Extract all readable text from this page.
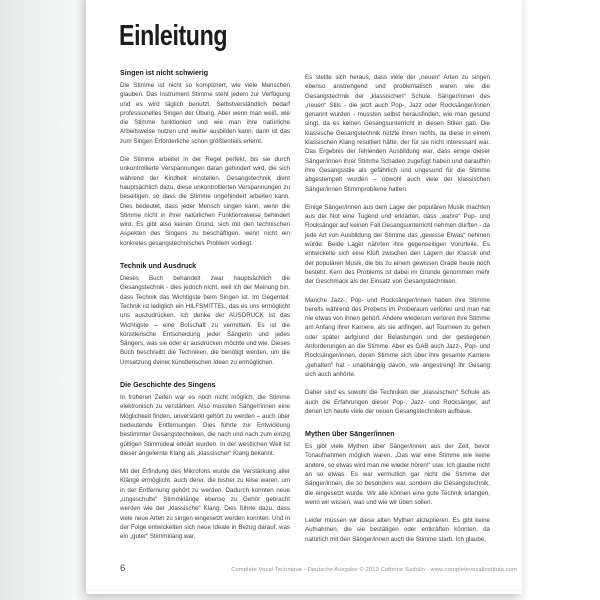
Einleitung
Singen ist nicht schwierig
Die Stimme ist nicht so kompliziert, wie viele Menschen glauben. Das Instrument Stimme steht jedem zur Verfügung und es wird täglich benutzt. Selbstverständlich bedarf professionelles Singen der Übung. Aber wenn man weiß, wie die Stimme funktioniert und wie man ihre natürliche Arbeitsweise nutzen und weiter ausbilden kann, dann ist das zum Singen Erforderliche schon größtenteils erlernt.
Die Stimme arbeitet in der Regel perfekt, bis sie durch unkontrollierte Verspannungen daran gehindert wird, die sich während der Kindheit einstellen. Gesangstechnik dient hauptsächlich dazu, diese unkontrollierten Verspannungen zu beseitigen, so dass die Stimme ungehindert arbeiten kann. Dies bedeutet, dass jeder Mensch singen kann, wenn die Stimme nicht in ihrer natürlichen Funktionsweise behindert wird. Es gibt also keinen Grund, sich mit den technischen Aspekten des Singens zu beschäftigen, wenn nicht ein konkretes gesangstechnisches Problem vorliegt.
Technik und Ausdruck
Dieses Buch behandelt zwar hauptsächlich die Gesangstechnik - dies jedoch nicht, weil ich der Meinung bin, dass Technik das Wichtigste beim Singen ist. Im Gegenteil: Technik ist lediglich ein HILFSMITTEL, das es uns ermöglicht uns auszudrücken. Ich denke der AUSDRUCK ist das Wichtigste – eine Botschaft zu vermitteln. Es ist die künstlerische Entscheidung jeder Sängerin und jedes Sängers, was sie oder er ausdrücken möchte und wie. Dieses Buch beschreibt die Techniken, die benötigt werden, um die Umsetzung deiner künstlerischen Ideen zu ermöglichen.
Die Geschichte des Singens
In früheren Zeiten war es noch nicht möglich, die Stimme elektronisch zu verstärken. Also mussten Sänger/innen eine Möglichkeit finden, unverstärkt gehört zu werden – auch über bedeutende Entfernungen. Dies führte zur Entwicklung bestimmter Gesangstechniken, die nach und nach zum einzig gültigen Stimmideal erklärt wurden. In der westlichen Welt ist dieser angelernte Klang als „klassischer“ Klang bekannt.
Mit der Erfindung des Mikrofons wurde die Verstärkung aller Klänge ermöglicht, auch derer, die bisher zu leise waren, um in der Entfernung gehört zu werden. Dadurch konnten neue „ungeschulte“ Stimmklänge ebenso zu Gehör gebracht werden wie der „klassische“ Klang. Dies führte dazu, dass viele neue Arten zu singen eingesetzt werden konnten. Und in der Folge entwickelten sich neue Ideale in Bezug darauf, was ein „guter“ Stimmklang war.
Es stellte sich heraus, dass viele der „neuen“ Arten zu singen ebenso anstrengend und problematisch waren wie die Gesangstechnik der „klassischen“ Schule. Sänger/innen des „neuen“ Stils - die jetzt auch Pop-, Jazz oder Rocksänger/innen genannt wurden - mussten selbst herausfinden, wie man gesund singt, da es keinen Gesangsunterricht in diesen Stilen gab. Die klassische Gesangstechnik nützte ihnen nichts, da diese in einem klassischen Klang resultiert hätte, der für sie nicht interessant war. Das Ergebnis der fehlenden Ausbildung war, dass einige dieser Sänger/innen ihrer Stimme Schaden zugefügt haben und daraufhin ihre Gesangsstile als gefährlich und ungesund für die Stimme abgestempelt wurden – obwohl auch viele der klassischen Sänger/innen Stimmprobleme hatten.
Einige Sänger/innen aus dem Lager der populären Musik machten aus der Not eine Tugend und erklärten, dass „wahre“ Pop- und Rocksänger auf keinen Fall Gesangsunterricht nehmen dürften - da jede Art von Ausbildung der Stimme das „gewisse Etwas“ nehmen würde. Beide Lager nährten ihre gegenseitigen Vorurteile. Es entwickelte sich eine Kluft zwischen den Lagern der Klassik und der populären Musik, die bis zu einem gewissen Grade heute noch besteht. Kern des Problems ist dabei im Grunde genommen mehr der Geschmack als der Einsatz von Gesangstechniken.
Manche Jazz-, Pop- und Rocksänger/innen haben ihre Stimme bereits während des Probens im Proberaum verloren und man hat nie etwas von ihnen gehört. Andere wiederum verloren ihre Stimme am Anfang ihrer Karriere, als sie anfingen, auf Tourneen zu gehen oder später aufgrund der Belastungen und der gestiegenen Anforderungen an die Stimme. Aber es GAB auch Jazz-, Pop- und Rocksänger/innen, deren Stimme sich über ihre gesamte Karriere „gehalten“ hat - unabhängig davon, wie angestrengt ihr Gesang sich auch anhörte.
Daher sind es sowohl die Techniken der „klassischen“ Schule als auch die Erfahrungen dieser Pop-, Jazz- und Rocksänger, auf denen ich heute viele der neuen Gesangstechniken aufbaue.
Mythen über Sänger/innen
Es gibt viele Mythen über Sänger/innen aus der Zeit, bevor Tonaufnahmen möglich waren. „Das war eine Stimme wie keine andere, so etwas wird man nie wieder hören!“ usw. Ich glaube nicht an so etwas. Es war vermutlich gar nicht die Stimme der Sänger/innen, die so besonders war, sondern die Gesangstechnik, die eingesetzt wurde. Wir alle können eine gute Technik erlangen, wenn wir wissen, was und wie wir üben sollen.
Leider müssen wir diese alten Mythen akzeptieren. Es gibt keine Aufnahmen, die sie bestätigen oder entkräften könnten, da natürlich mit den Sänger/innen auch die Stimme starb. Ich glaube,
6	Complete Vocal Technique - Deutsche Ausgabe © 2013 Cathrine Sadolin - www.completevocalinstitute.com
